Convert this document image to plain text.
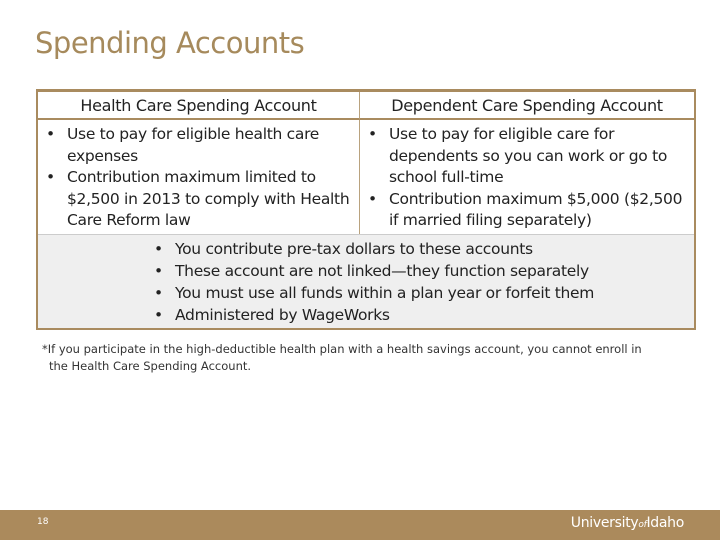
Spending Accounts
Health Care Spending Account	Dependent Care Spending Account
• Use to pay for eligible health care expenses
• Contribution maximum limited to $2,500 in 2013 to comply with Health Care Reform law
• Use to pay for eligible care for dependents so you can work or go to school full-time
• Contribution maximum $5,000 ($2,500 if married filing separately)
• You contribute pre-tax dollars to these accounts
• These account are not linked—they function separately
• You must use all funds within a plan year or forfeit them
• Administered by WageWorks
*If you participate in the high-deductible health plan with a health savings account, you cannot enroll in
the Health Care Spending Account.
18	UniversityofIdaho
